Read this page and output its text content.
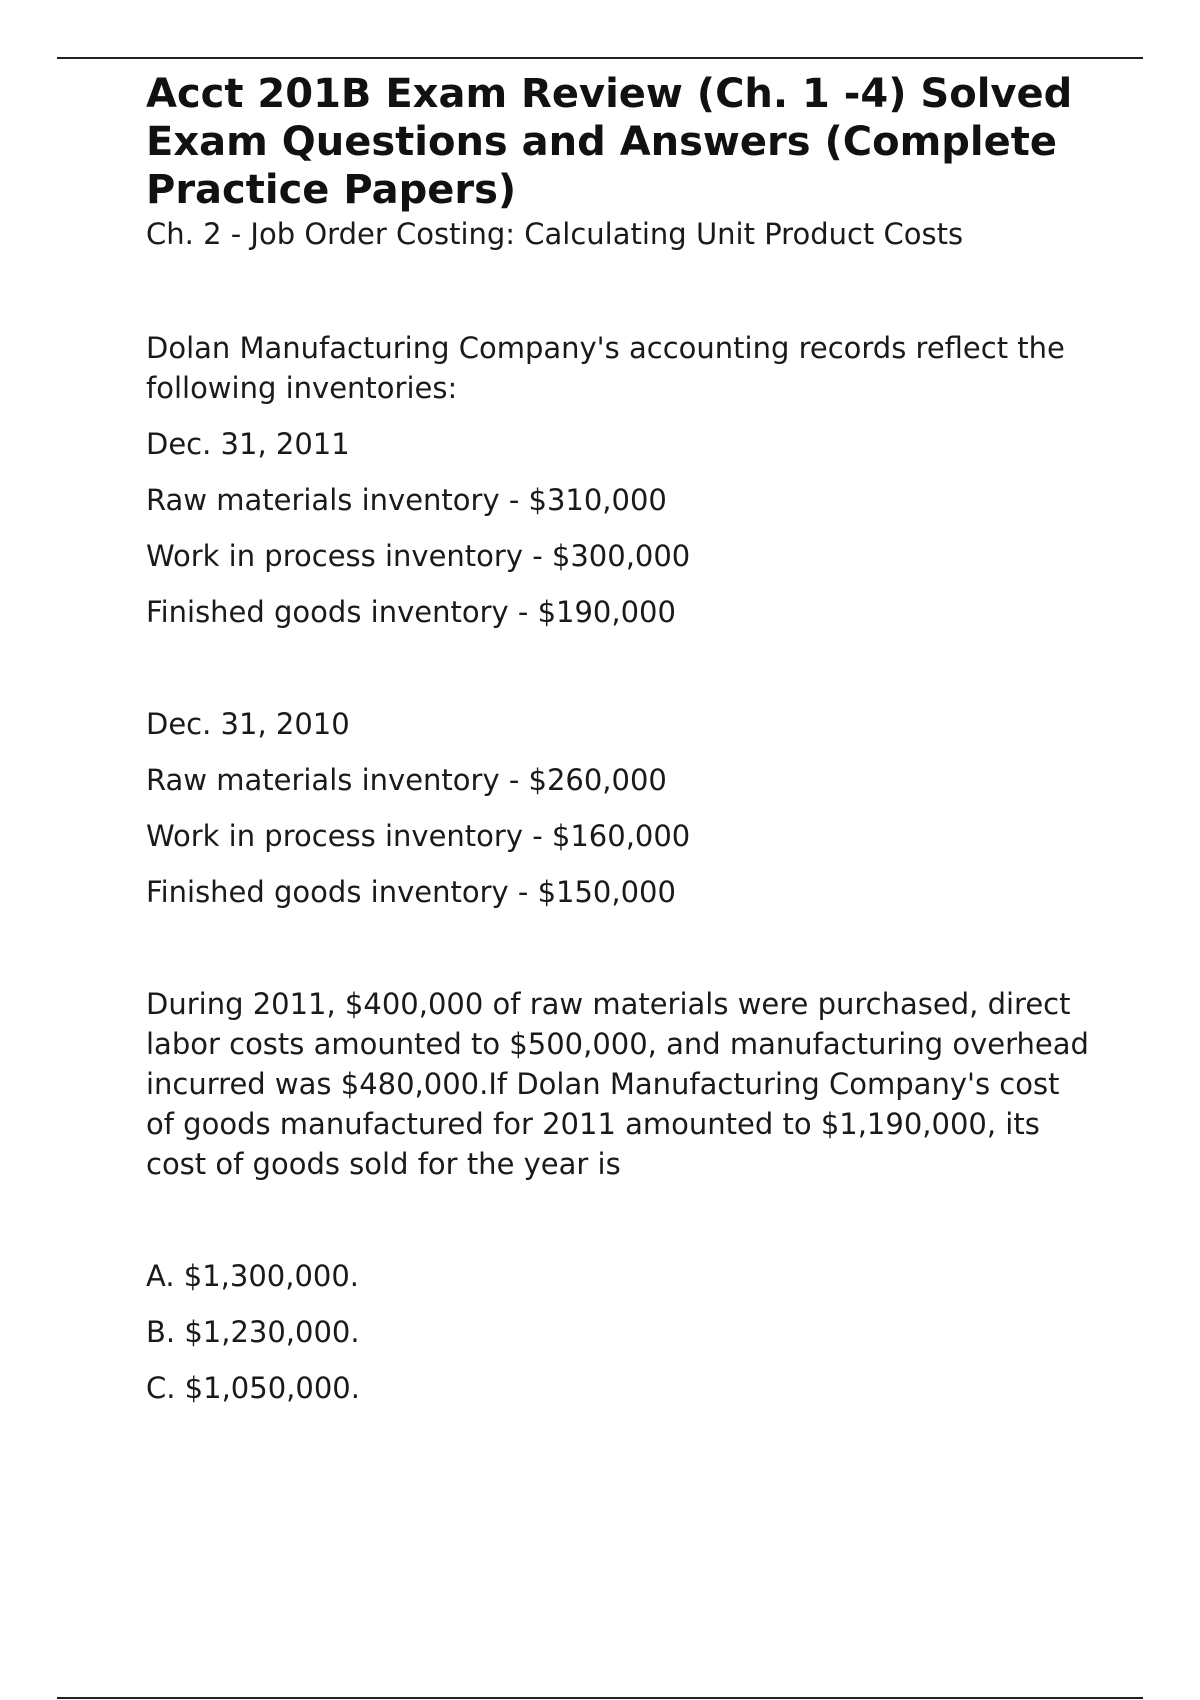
Acct 201B Exam Review (Ch. 1 -4) Solved Exam Questions and Answers (Complete Practice Papers)

Ch. 2 - Job Order Costing: Calculating Unit Product Costs

Dolan Manufacturing Company's accounting records reflect the following inventories:

Dec. 31, 2011

Raw materials inventory - $310,000

Work in process inventory - $300,000

Finished goods inventory - $190,000

Dec. 31, 2010

Raw materials inventory - $260,000

Work in process inventory - $160,000

Finished goods inventory - $150,000

During 2011, $400,000 of raw materials were purchased, direct labor costs amounted to $500,000, and manufacturing overhead incurred was $480,000.If Dolan Manufacturing Company's cost of goods manufactured for 2011 amounted to $1,190,000, its cost of goods sold for the year is

A. $1,300,000.

B. $1,230,000.

C. $1,050,000.
